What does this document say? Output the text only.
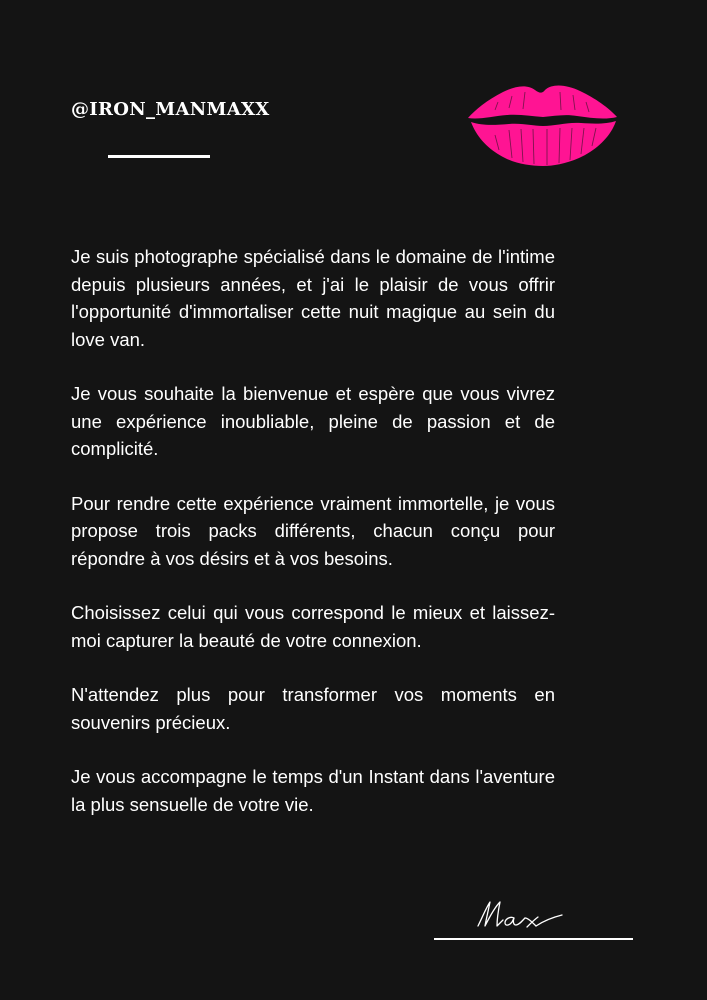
@IRON_MANMAXX

Je suis photographe spécialisé dans le domaine de l'intime depuis plusieurs années, et j'ai le plaisir de vous offrir l'opportunité d'immortaliser cette nuit magique au sein du love van.

Je vous souhaite la bienvenue et espère que vous vivrez une expérience inoubliable, pleine de passion et de complicité.

Pour rendre cette expérience vraiment immortelle, je vous propose trois packs différents, chacun conçu pour répondre à vos désirs et à vos besoins.

Choisissez celui qui vous correspond le mieux et laissez-moi capturer la beauté de votre connexion.

N'attendez plus pour transformer vos moments en souvenirs précieux.

Je vous accompagne le temps d'un Instant dans l'aventure la plus sensuelle de votre vie.
